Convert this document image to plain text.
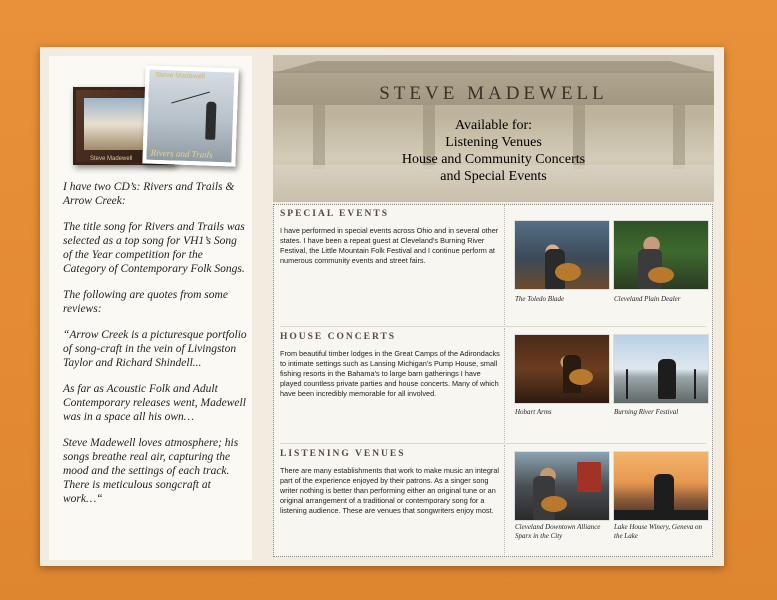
Steve Madewell
Steve Madewell
Rivers and Trails

I have two CD’s: Rivers and Trails & Arrow Creek:

The title song for Rivers and Trails was selected as a top song for VH1’s Song of the Year competition for the Category of Contemporary Folk Songs.

The following are quotes from some reviews:

“Arrow Creek is a picturesque portfolio of song-craft in the vein of Livingston Taylor and Richard Shindell...

As far as Acoustic Folk and Adult Contemporary releases went, Madewell was in a space all his own…

Steve Madewell loves atmosphere; his songs breathe real air, capturing the mood and the settings of each track. There is meticulous songcraft at work…“

STEVE MADEWELL
Available for:
Listening Venues
House and Community Concerts
and Special Events
SPECIAL EVENTS
I have performed in special events across Ohio and in several other states. I have been a repeat guest at Cleveland’s Burning River Festival, the Little Mountain Folk Festival and I continue perform at numerous community events and street fairs.
The Toledo Blade	Cleveland Plain Dealer
HOUSE CONCERTS
From beautiful timber lodges in the Great Camps of the Adirondacks to intimate settings such as Lansing Michigan’s Pump House, small fishing resorts in the Bahama’s to large barn gatherings I have played countless private parties and house concerts. Many of which have been incredibly memorable for all involved.
Hobart Arms	Burning River Festival
LISTENING VENUES
There are many establishments that work to make music an integral part of the experience enjoyed by their patrons. As a singer song writer nothing is better than performing either an original tune or an original arrangement of a traditional or contemporary song for a listening audience. These are venues that songwriters enjoy most.
Cleveland Downtown Alliance Sparx in the City
Lake House Winery, Geneva on the Lake
